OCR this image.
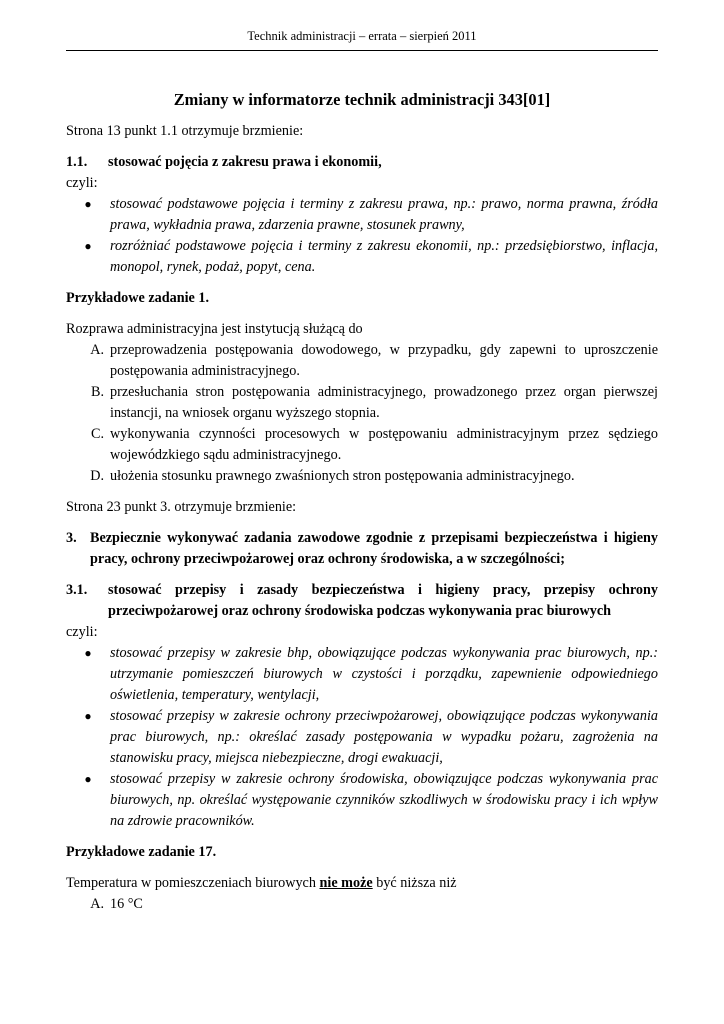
Technik administracji – errata – sierpień 2011

Zmiany w informatorze technik administracji 343[01]

Strona 13 punkt 1.1 otrzymuje brzmienie:

1.1.	stosować pojęcia z zakresu prawa i ekonomii,

czyli:

●	stosować podstawowe pojęcia i terminy z zakresu prawa, np.: prawo, norma prawna, źródła prawa, wykładnia prawa, zdarzenia prawne, stosunek prawny,
●	rozróżniać podstawowe pojęcia i terminy z zakresu ekonomii, np.: przedsiębiorstwo, inflacja, monopol, rynek, podaż, popyt, cena.

Przykładowe zadanie 1.

Rozprawa administracyjna jest instytucją służącą do

A. przeprowadzenia postępowania dowodowego, w przypadku, gdy zapewni to uproszczenie postępowania administracyjnego.
B. przesłuchania stron postępowania administracyjnego, prowadzonego przez organ pierwszej instancji, na wniosek organu wyższego stopnia.
C. wykonywania czynności procesowych w postępowaniu administracyjnym przez sędziego wojewódzkiego sądu administracyjnego.
D. ułożenia stosunku prawnego zwaśnionych stron postępowania administracyjnego.

Strona 23 punkt 3. otrzymuje brzmienie:

3. Bezpiecznie wykonywać zadania zawodowe zgodnie z przepisami bezpieczeństwa i higieny pracy, ochrony przeciwpożarowej oraz ochrony środowiska, a w szczególności;
3.1.	stosować przepisy i zasady bezpieczeństwa i higieny pracy, przepisy ochrony przeciwpożarowej oraz ochrony środowiska podczas wykonywania prac biurowych

czyli:

●	stosować przepisy w zakresie bhp, obowiązujące podczas wykonywania prac biurowych, np.: utrzymanie pomieszczeń biurowych w czystości i porządku, zapewnienie odpowiedniego oświetlenia, temperatury, wentylacji,
●	stosować przepisy w zakresie ochrony przeciwpożarowej, obowiązujące podczas wykonywania prac biurowych, np.: określać zasady postępowania w wypadku pożaru, zagrożenia na stanowisku pracy, miejsca niebezpieczne, drogi ewakuacji,
●	stosować przepisy w zakresie ochrony środowiska, obowiązujące podczas wykonywania prac biurowych, np. określać występowanie czynników szkodliwych w środowisku pracy i ich wpływ na zdrowie pracowników.

Przykładowe zadanie 17.

Temperatura w pomieszczeniach biurowych nie może być niższa niż

A. 16 °C
